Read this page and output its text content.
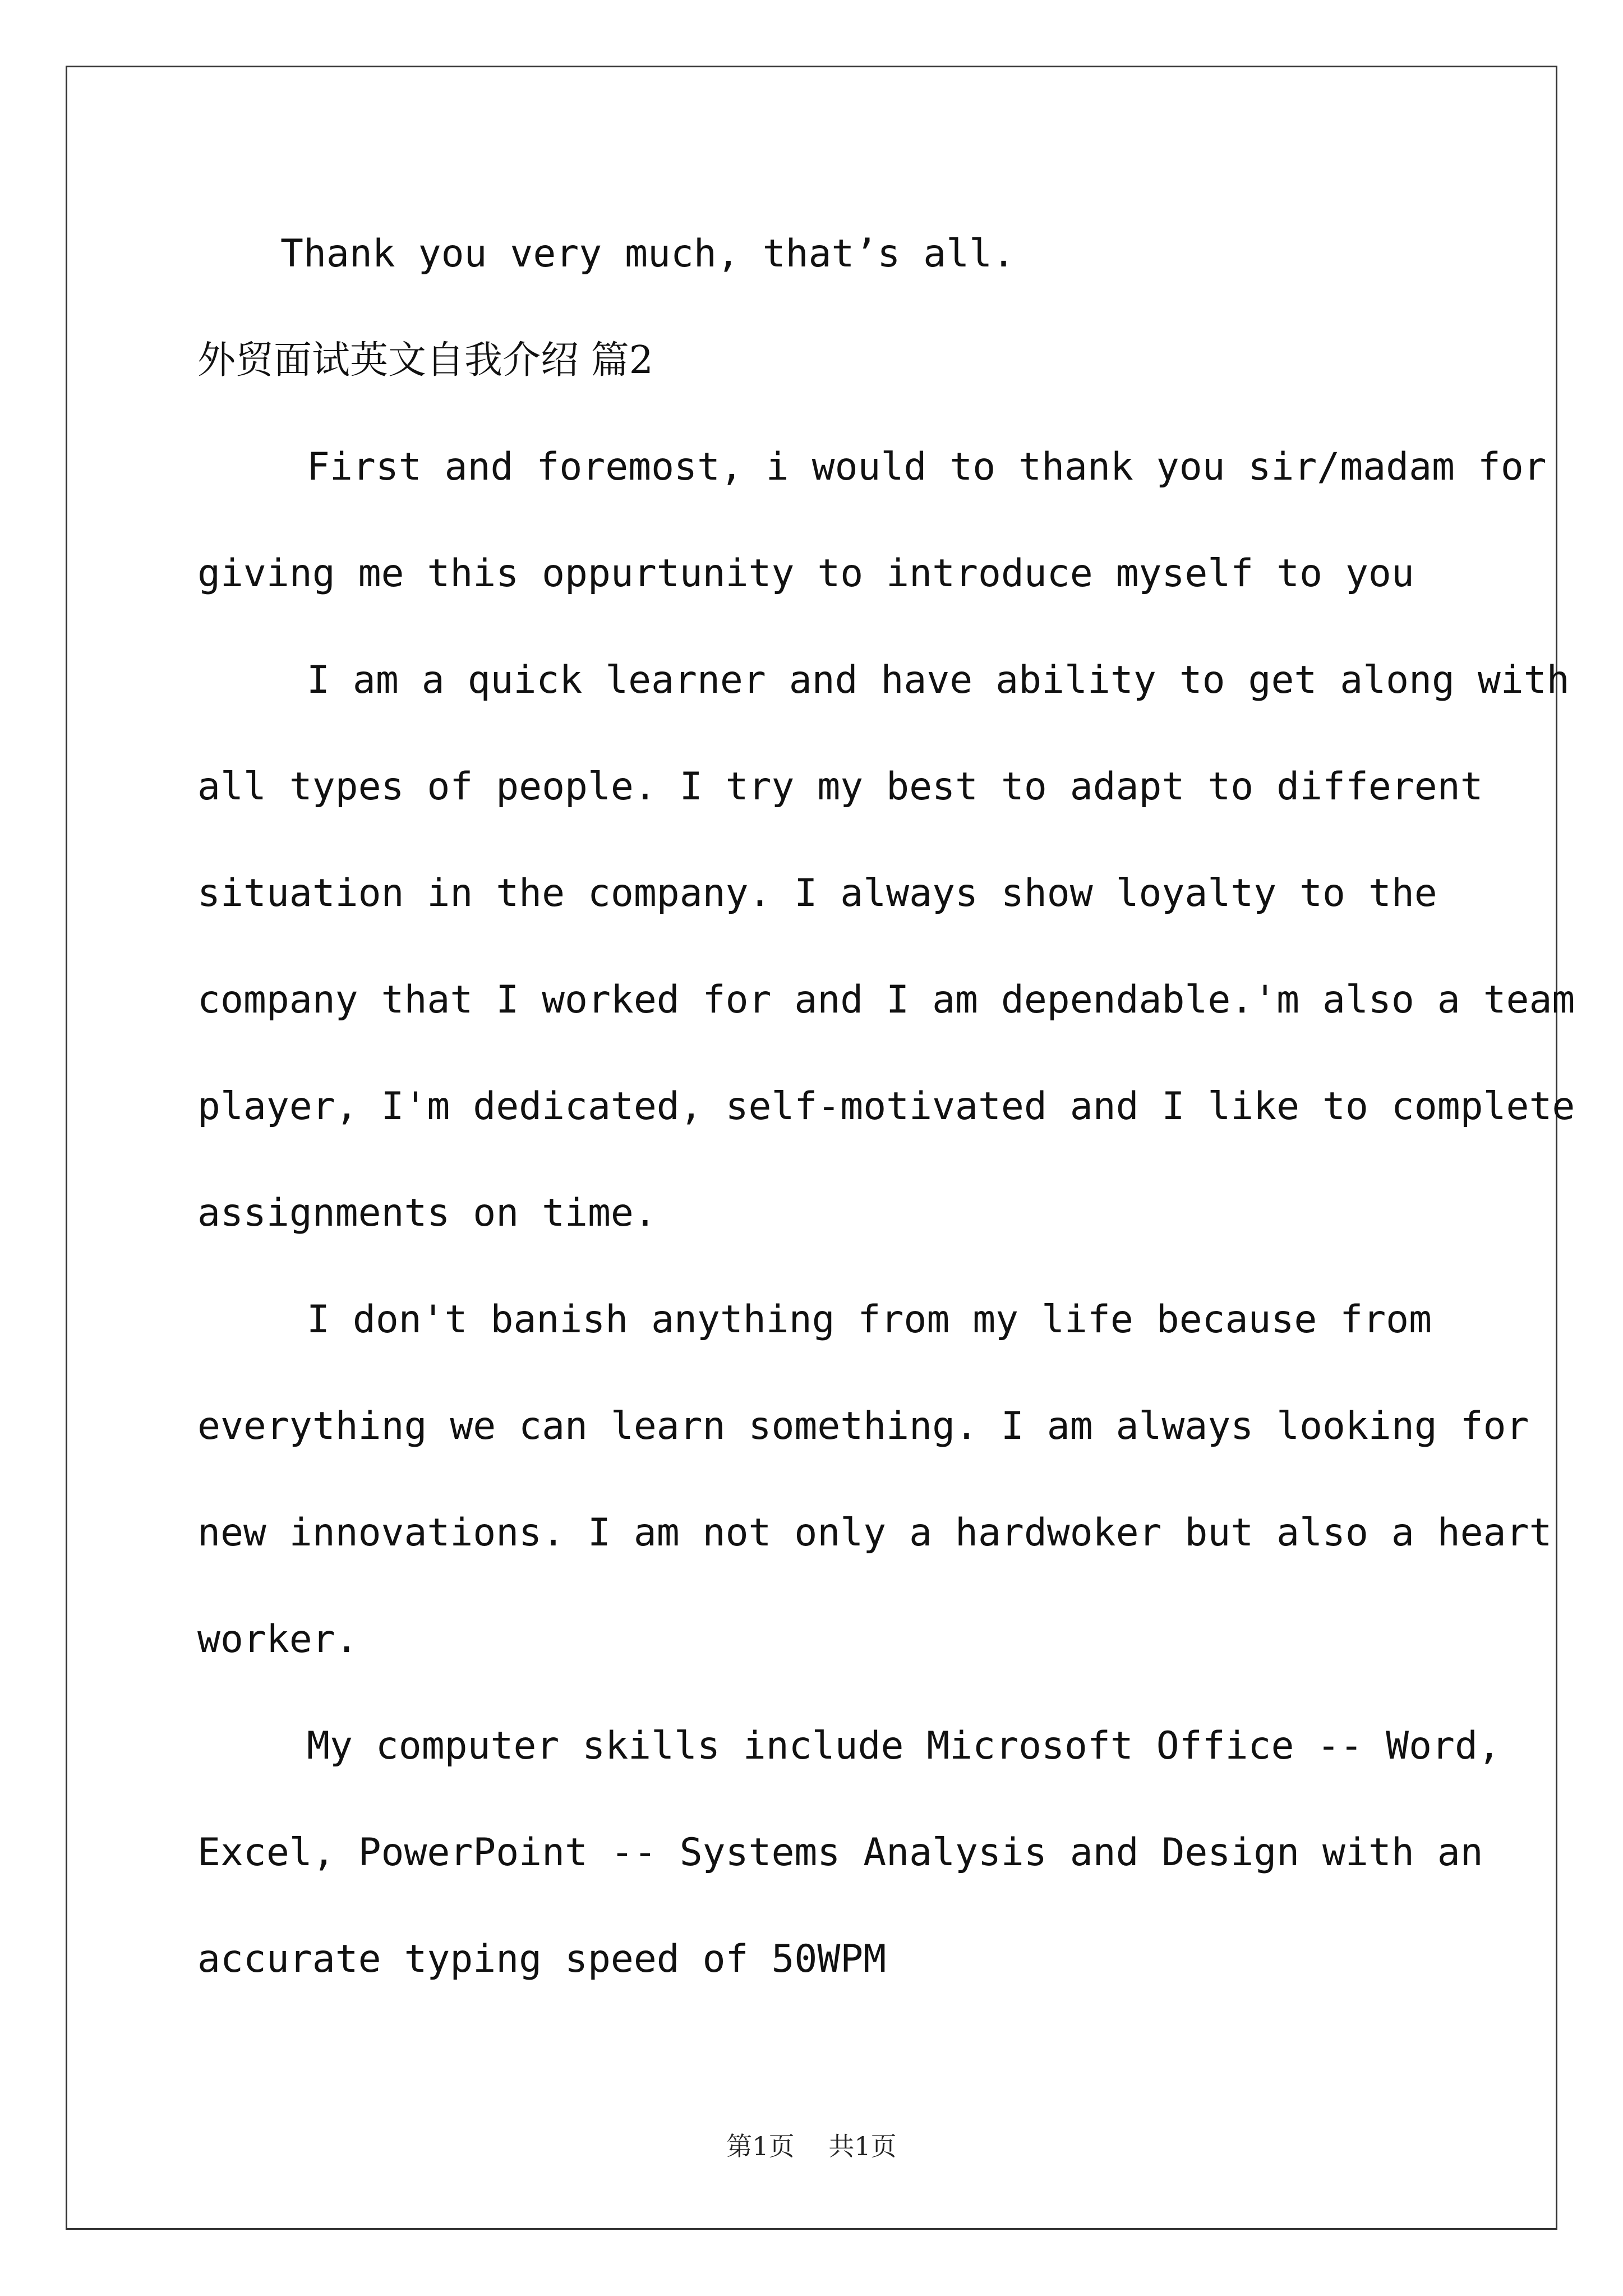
Thank you very much, that’s all.
外贸面试英文自我介绍 篇2
First and foremost, i would to thank you sir/madam for
giving me this oppurtunity to introduce myself to you
I am a quick learner and have ability to get along with
all types of people. I try my best to adapt to different
situation in the company. I always show loyalty to the
company that I worked for and I am dependable.'m also a team
player, I'm dedicated, self-motivated and I like to complete
assignments on time.
I don't banish anything from my life because from
everything we can learn something. I am always looking for
new innovations. I am not only a hardwoker but also a heart
worker.
My computer skills include Microsoft Office -- Word,
Excel, PowerPoint -- Systems Analysis and Design with an
accurate typing speed of 50WPM
第1页 共1页
